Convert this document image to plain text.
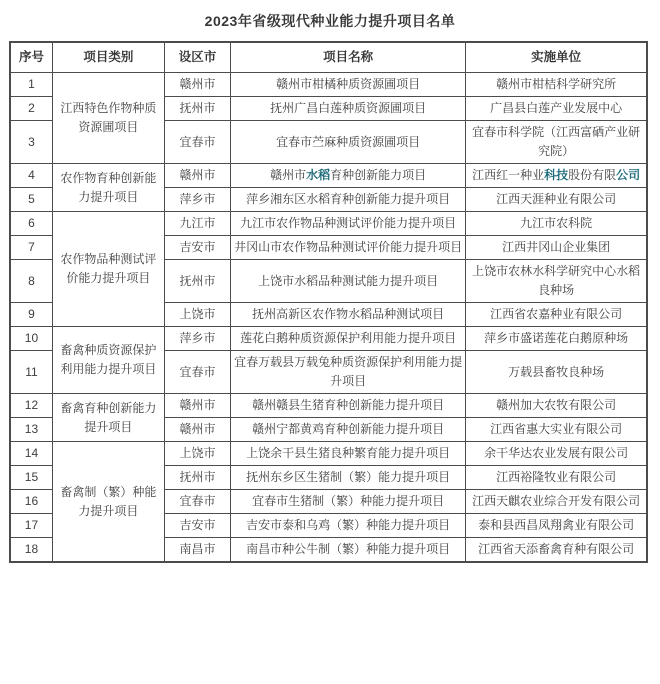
2023年省级现代种业能力提升项目名单
序号	项目类别	设区市	项目名称	实施单位
1	江西特色作物种质资源圃项目	赣州市	赣州市柑橘种质资源圃项目	赣州市柑桔科学研究所
2		抚州市	抚州广昌白莲种质资源圃项目	广昌县白莲产业发展中心
3		宜春市	宜春市苎麻种质资源圃项目	宜春市科学院（江西富硒产业研究院）
4	农作物育种创新能力提升项目	赣州市	赣州市水稻育种创新能力项目	江西红一种业科技股份有限公司
5		萍乡市	萍乡湘东区水稻育种创新能力提升项目	江西天涯种业有限公司
6	农作物品种测试评价能力提升项目	九江市	九江市农作物品种测试评价能力提升项目	九江市农科院
7		吉安市	井冈山市农作物品种测试评价能力提升项目	江西井冈山企业集团
8		抚州市	上饶市水稻品种测试能力提升项目	上饶市农林水科学研究中心水稻良种场
9		上饶市	抚州高新区农作物水稻品种测试项目	江西省农嘉种业有限公司
10	畜禽种质资源保护利用能力提升项目	萍乡市	莲花白鹅种质资源保护利用能力提升项目	萍乡市盛诺莲花白鹅原种场
11		宜春市	宜春万载县万载兔种质资源保护利用能力提升项目	万载县畜牧良种场
12	畜禽育种创新能力提升项目	赣州市	赣州赣县生猪育种创新能力提升项目	赣州加大农牧有限公司
13		赣州市	赣州宁都黄鸡育种创新能力提升项目	江西省惠大实业有限公司
14	畜禽制（繁）种能力提升项目	上饶市	上饶余干县生猪良种繁育能力提升项目	余干华达农业发展有限公司
15		抚州市	抚州东乡区生猪制（繁）能力提升项目	江西裕隆牧业有限公司
16		宜春市	宜春市生猪制（繁）种能力提升项目	江西天麒农业综合开发有限公司
17		吉安市	吉安市泰和乌鸡（繁）种能力提升项目	泰和县西昌凤翔禽业有限公司
18		南昌市	南昌市种公牛制（繁）种能力提升项目	江西省天添畜禽育种有限公司
